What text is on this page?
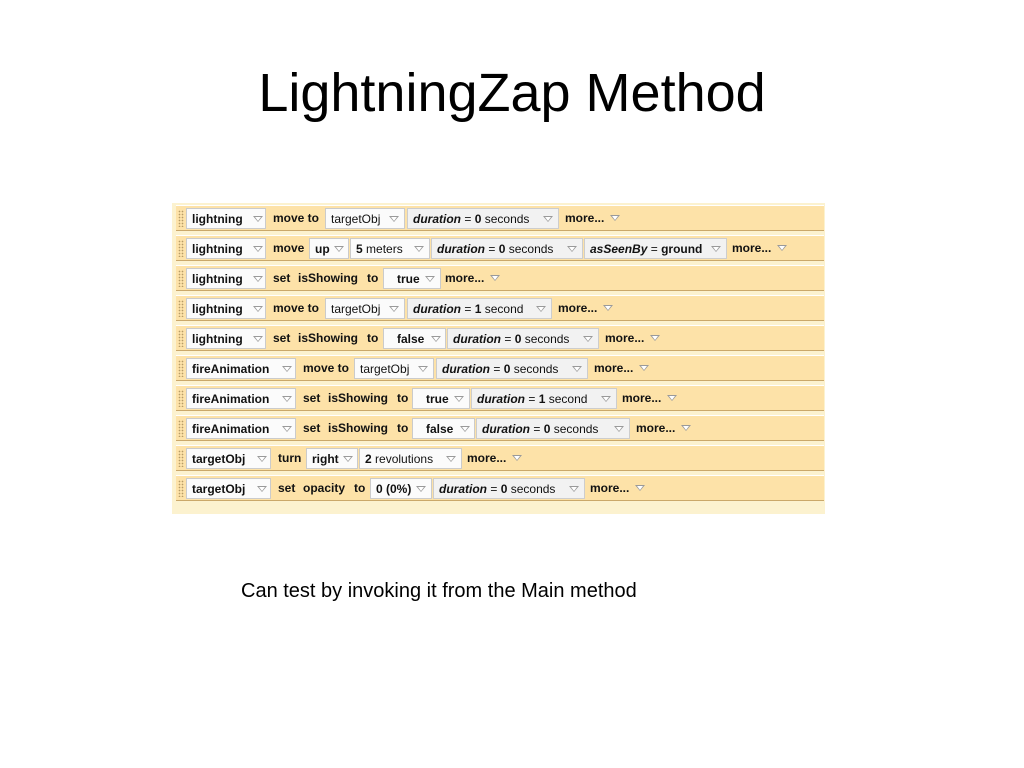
LightningZap Method
lightning	move to targetObj	duration = 0 seconds	more...
lightning	move up	5 meters	duration = 0 seconds	asSeenBy = ground	more...
lightning	set isShowing to	true	more...
lightning	move to targetObj	duration = 1 second	more...
lightning	set isShowing to	false	duration = 0 seconds	more...
fireAnimation	move to targetObj	duration = 0 seconds	more...
fireAnimation	set isShowing to	true	duration = 1 second	more...
fireAnimation	set isShowing to	false	duration = 0 seconds	more...
targetObj	turn right	2 revolutions	more...
targetObj	set opacity to 0 (0%)	duration = 0 seconds	more...
Can test by invoking it from the Main method
